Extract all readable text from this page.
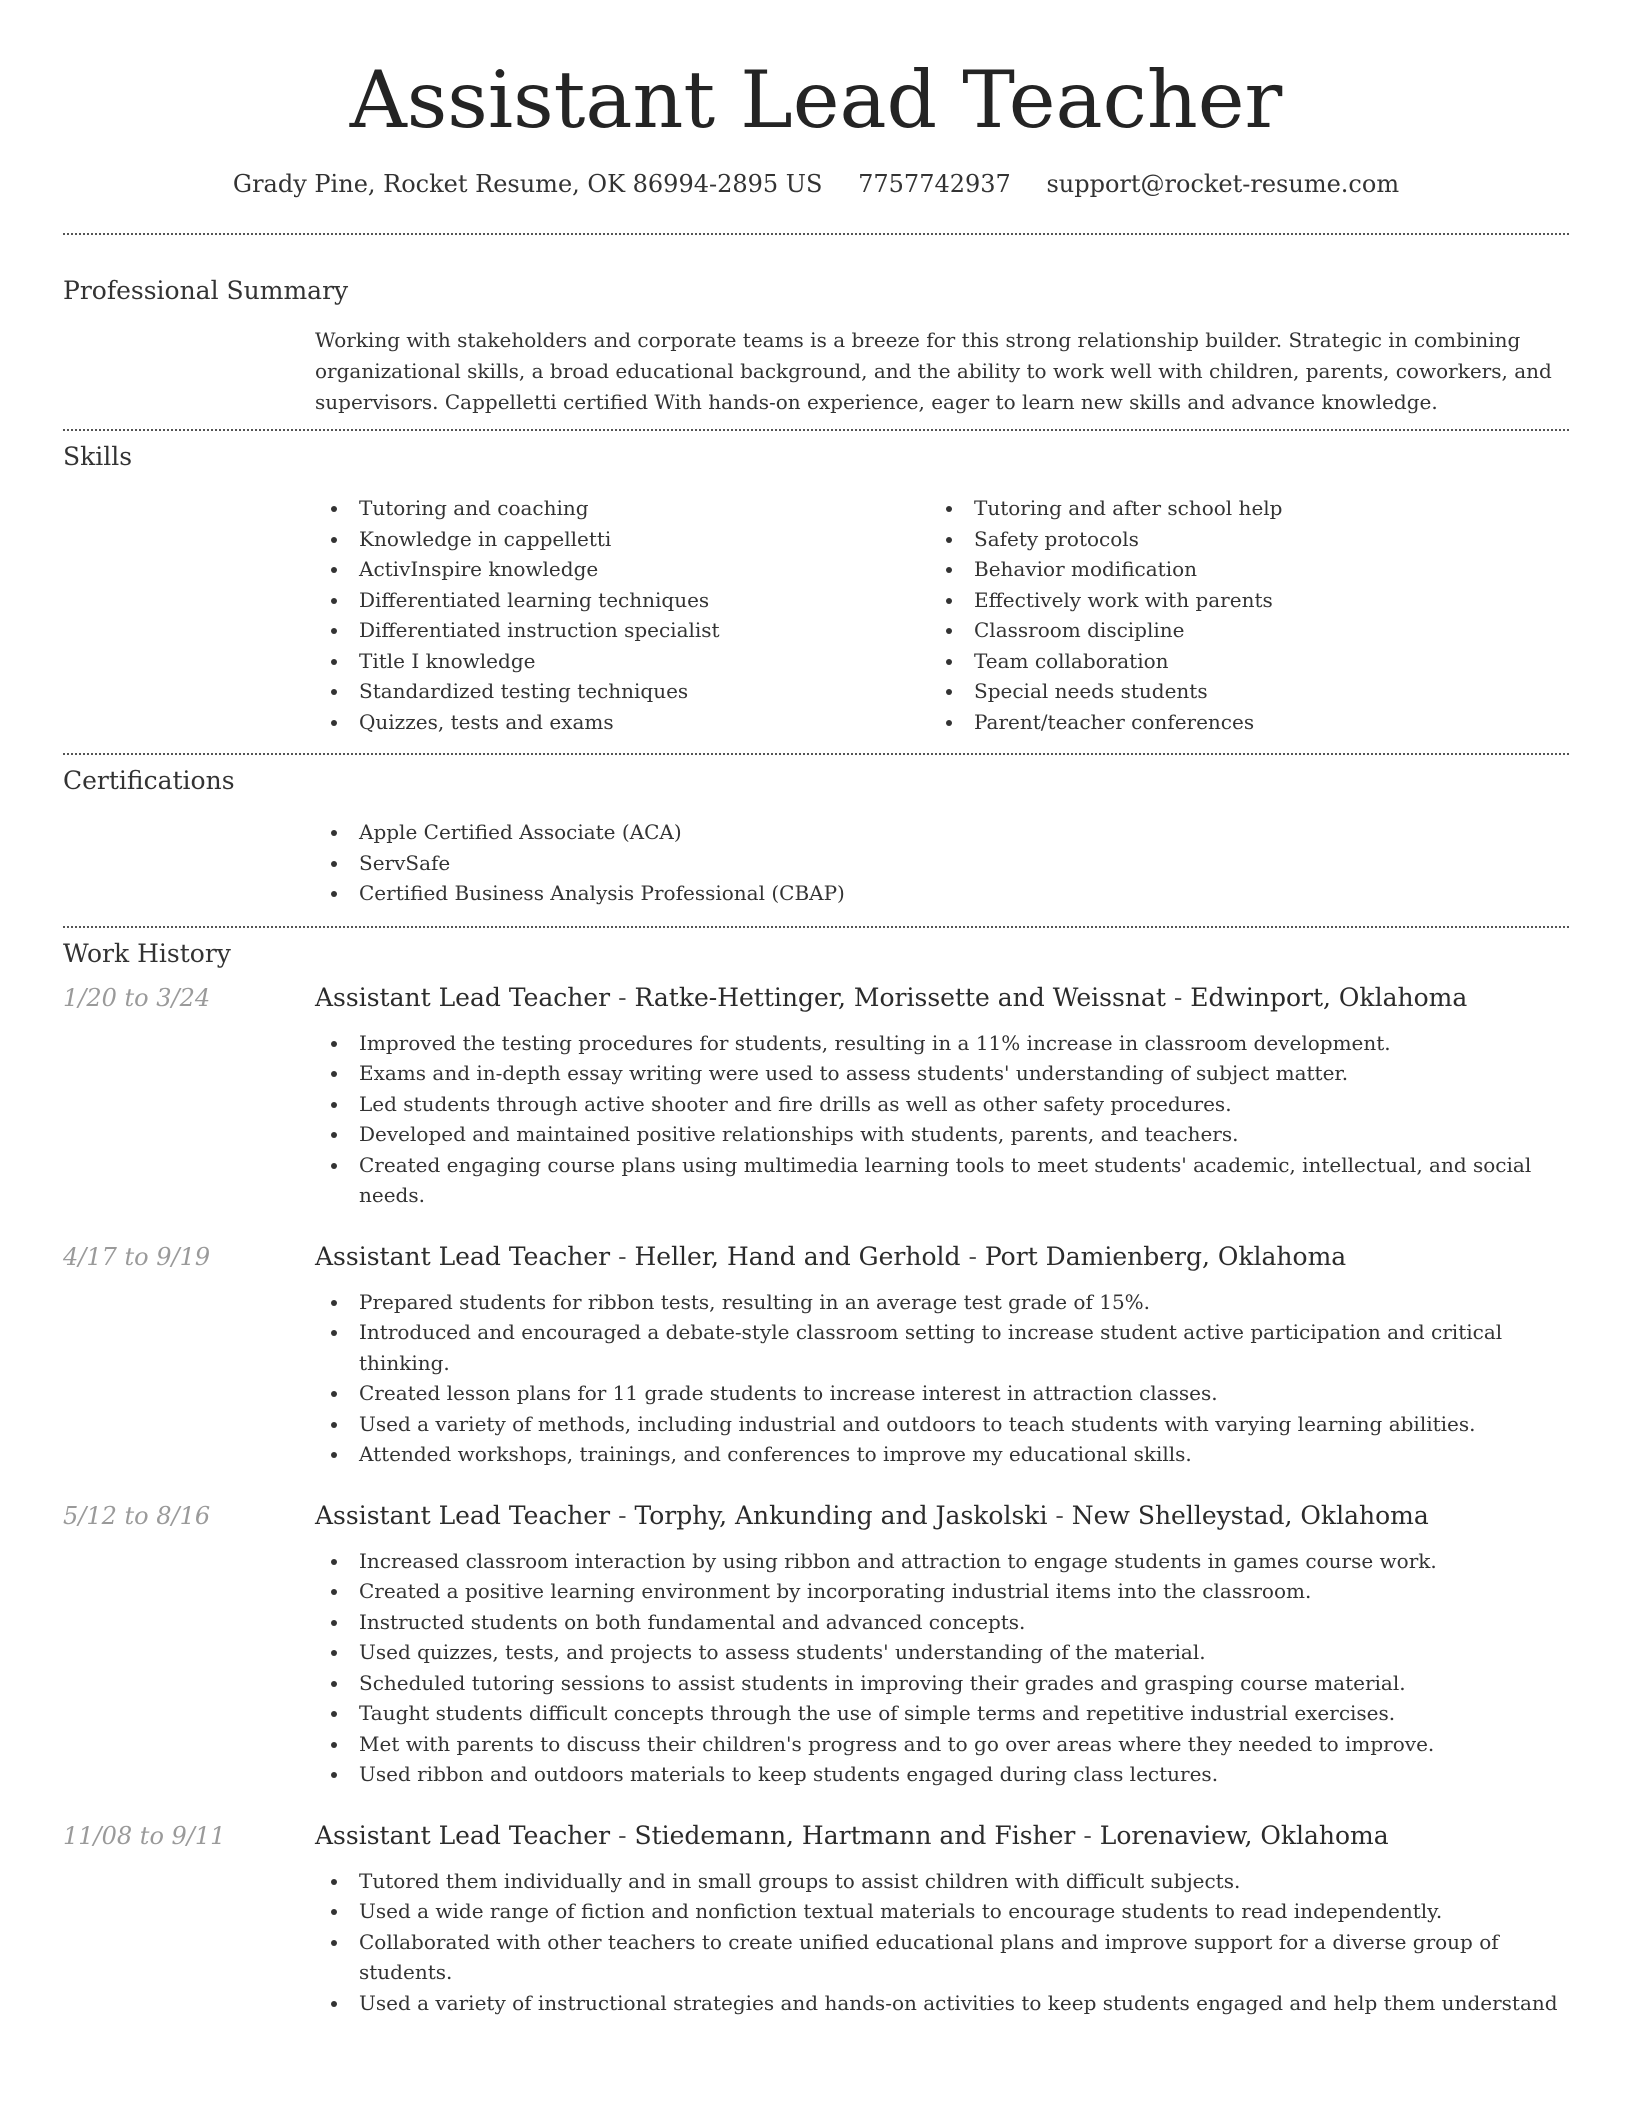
Assistant Lead Teacher
Grady Pine, Rocket Resume, OK 86994-2895 US 7757742937 support@rocket-resume.com
Professional Summary
Working with stakeholders and corporate teams is a breeze for this strong relationship builder. Strategic in combining organizational skills, a broad educational background, and the ability to work well with children, parents, coworkers, and supervisors. Cappelletti certified With hands-on experience, eager to learn new skills and advance knowledge.
Skills
Tutoring and coaching
Knowledge in cappelletti
ActivInspire knowledge
Differentiated learning techniques
Differentiated instruction specialist
Title I knowledge
Standardized testing techniques
Quizzes, tests and exams
Tutoring and after school help
Safety protocols
Behavior modification
Effectively work with parents
Classroom discipline
Team collaboration
Special needs students
Parent/teacher conferences
Certifications
Apple Certified Associate (ACA)
ServSafe
Certified Business Analysis Professional (CBAP)
Work History
1/20 to 3/24	Assistant Lead Teacher - Ratke-Hettinger, Morissette and Weissnat - Edwinport, Oklahoma
Improved the testing procedures for students, resulting in a 11% increase in classroom development.
Exams and in-depth essay writing were used to assess students' understanding of subject matter.
Led students through active shooter and fire drills as well as other safety procedures.
Developed and maintained positive relationships with students, parents, and teachers.
Created engaging course plans using multimedia learning tools to meet students' academic, intellectual, and social needs.
4/17 to 9/19	Assistant Lead Teacher - Heller, Hand and Gerhold - Port Damienberg, Oklahoma
Prepared students for ribbon tests, resulting in an average test grade of 15%.
Introduced and encouraged a debate-style classroom setting to increase student active participation and critical thinking.
Created lesson plans for 11 grade students to increase interest in attraction classes.
Used a variety of methods, including industrial and outdoors to teach students with varying learning abilities.
Attended workshops, trainings, and conferences to improve my educational skills.
5/12 to 8/16	Assistant Lead Teacher - Torphy, Ankunding and Jaskolski - New Shelleystad, Oklahoma
Increased classroom interaction by using ribbon and attraction to engage students in games course work.
Created a positive learning environment by incorporating industrial items into the classroom.
Instructed students on both fundamental and advanced concepts.
Used quizzes, tests, and projects to assess students' understanding of the material.
Scheduled tutoring sessions to assist students in improving their grades and grasping course material.
Taught students difficult concepts through the use of simple terms and repetitive industrial exercises.
Met with parents to discuss their children's progress and to go over areas where they needed to improve.
Used ribbon and outdoors materials to keep students engaged during class lectures.
11/08 to 9/11	Assistant Lead Teacher - Stiedemann, Hartmann and Fisher - Lorenaview, Oklahoma
Tutored them individually and in small groups to assist children with difficult subjects.
Used a wide range of fiction and nonfiction textual materials to encourage students to read independently.
Collaborated with other teachers to create unified educational plans and improve support for a diverse group of students.
Used a variety of instructional strategies and hands-on activities to keep students engaged and help them understand
